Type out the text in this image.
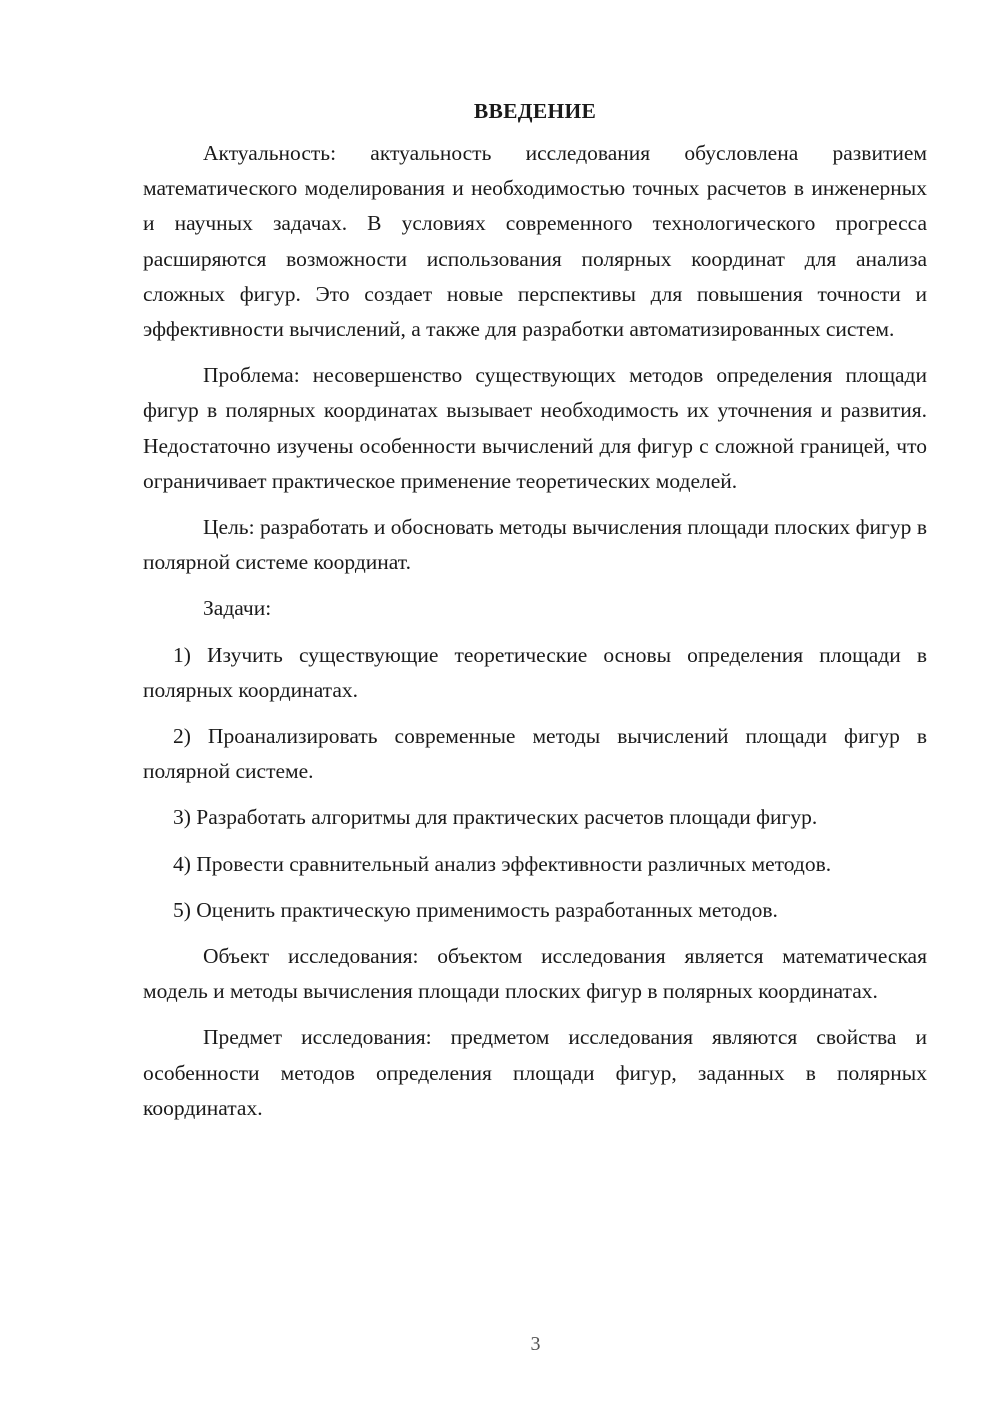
ВВЕДЕНИЕ

Актуальность: актуальность исследования обусловлена развитием математического моделирования и необходимостью точных расчетов в инженерных и научных задачах. В условиях современного технологического прогресса расширяются возможности использования полярных координат для анализа сложных фигур. Это создает новые перспективы для повышения точности и эффективности вычислений, а также для разработки автоматизированных систем.

Проблема: несовершенство существующих методов определения площади фигур в полярных координатах вызывает необходимость их уточнения и развития. Недостаточно изучены особенности вычислений для фигур с сложной границей, что ограничивает практическое применение теоретических моделей.

Цель: разработать и обосновать методы вычисления площади плоских фигур в полярной системе координат.

Задачи:

1) Изучить существующие теоретические основы определения площади в полярных координатах.

2) Проанализировать современные методы вычислений площади фигур в полярной системе.

3) Разработать алгоритмы для практических расчетов площади фигур.

4) Провести сравнительный анализ эффективности различных методов.

5) Оценить практическую применимость разработанных методов.

Объект исследования: объектом исследования является математическая модель и методы вычисления площади плоских фигур в полярных координатах.

Предмет исследования: предметом исследования являются свойства и особенности методов определения площади фигур, заданных в полярных координатах.

3
